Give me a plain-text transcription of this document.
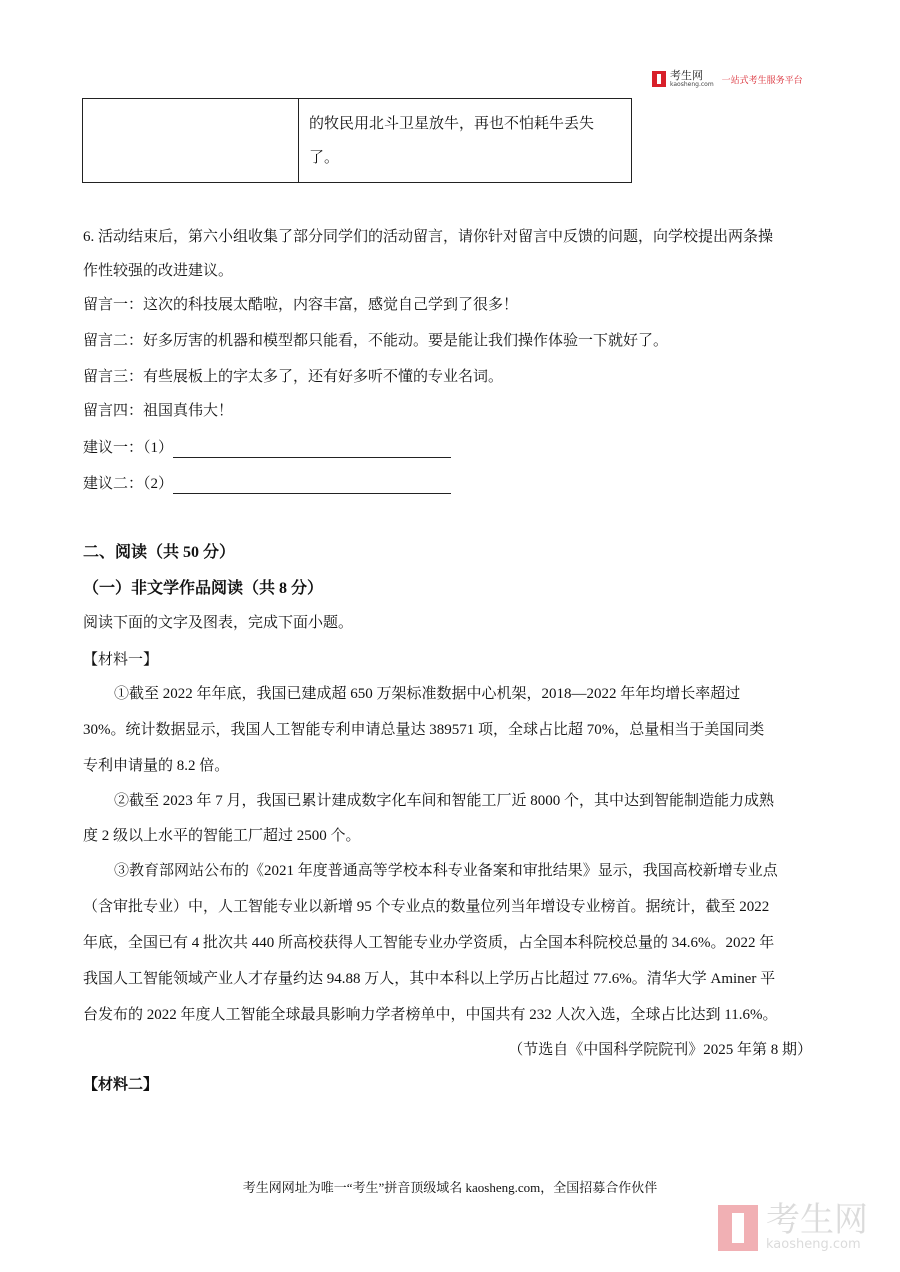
考生网
kaosheng.com 一站式考生服务平台
的牧民用北斗卫星放牛，再也不怕耗牛丢失
了。
6. 活动结束后，第六小组收集了部分同学们的活动留言，请你针对留言中反馈的问题，向学校提出两条操
作性较强的改进建议。
留言一：这次的科技展太酷啦，内容丰富，感觉自己学到了很多！
留言二：好多厉害的机器和模型都只能看，不能动。要是能让我们操作体验一下就好了。
留言三：有些展板上的字太多了，还有好多听不懂的专业名词。
留言四：祖国真伟大！
建议一：（1）
建议二：（2）
二、阅读（共 50 分）
（一）非文学作品阅读（共 8 分）
阅读下面的文字及图表，完成下面小题。
【材料一】
①截至 2022 年年底，我国已建成超 650 万架标准数据中心机架，2018—2022 年年均增长率超过
30%。统计数据显示，我国人工智能专利申请总量达 389571 项，全球占比超 70%，总量相当于美国同类
专利申请量的 8.2 倍。
②截至 2023 年 7 月，我国已累计建成数字化车间和智能工厂近 8000 个，其中达到智能制造能力成熟
度 2 级以上水平的智能工厂超过 2500 个。
③教育部网站公布的《2021 年度普通高等学校本科专业备案和审批结果》显示，我国高校新增专业点
（含审批专业）中，人工智能专业以新增 95 个专业点的数量位列当年增设专业榜首。据统计，截至 2022
年底，全国已有 4 批次共 440 所高校获得人工智能专业办学资质，占全国本科院校总量的 34.6%。2022 年
我国人工智能领域产业人才存量约达 94.88 万人，其中本科以上学历占比超过 77.6%。清华大学 Aminer 平
台发布的 2022 年度人工智能全球最具影响力学者榜单中，中国共有 232 人次入选，全球占比达到 11.6%。
（节选自《中国科学院院刊》2025 年第 8 期）
【材料二】
考生网网址为唯一“考生”拼音顶级域名 kaosheng.com，全国招募合作伙伴
考生网
kaosheng.com
